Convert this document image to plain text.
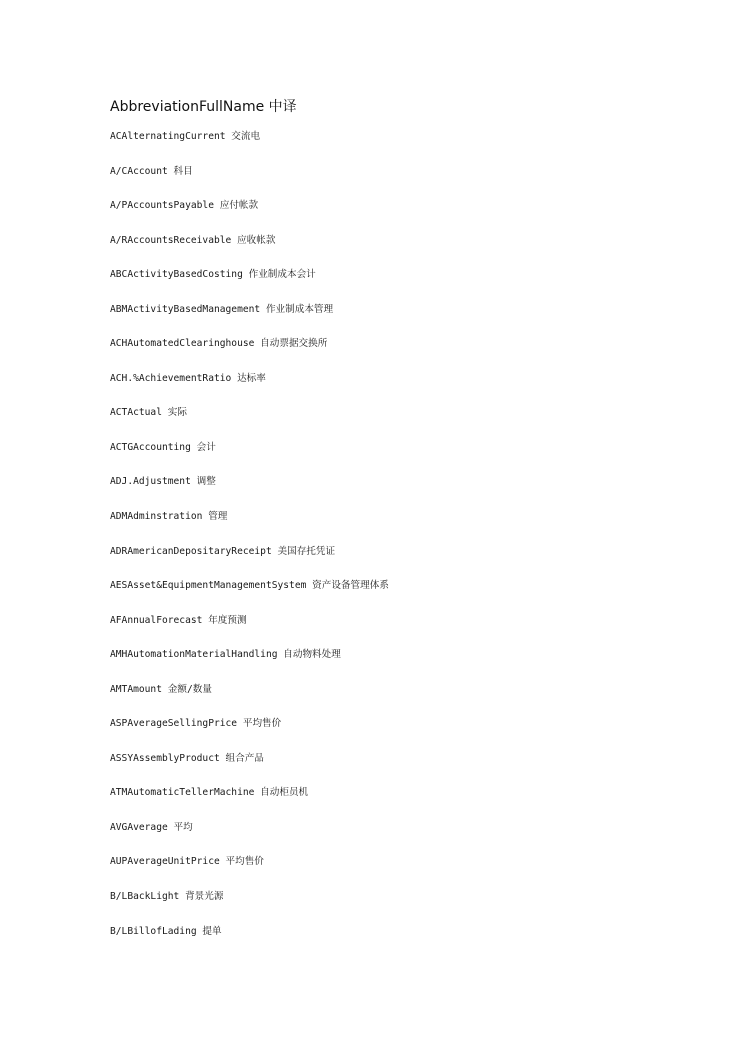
AbbreviationFullName 中译
ACAlternatingCurrent 交流电
A/CAccount 科目
A/PAccountsPayable 应付帐款
A/RAccountsReceivable 应收帐款
ABCActivityBasedCosting 作业制成本会计
ABMActivityBasedManagement 作业制成本管理
ACHAutomatedClearinghouse 自动票据交换所
ACH.%AchievementRatio 达标率
ACTActual 实际
ACTGAccounting 会计
ADJ.Adjustment 调整
ADMAdminstration 管理
ADRAmericanDepositaryReceipt 美国存托凭证
AESAsset&EquipmentManagementSystem 资产设备管理体系
AFAnnualForecast 年度预测
AMHAutomationMaterialHandling 自动物料处理
AMTAmount 金额/数量
ASPAverageSellingPrice 平均售价
ASSYAssemblyProduct 组合产品
ATMAutomaticTellerMachine 自动柜员机
AVGAverage 平均
AUPAverageUnitPrice 平均售价
B/LBackLight 背景光源
B/LBillofLading 提单
